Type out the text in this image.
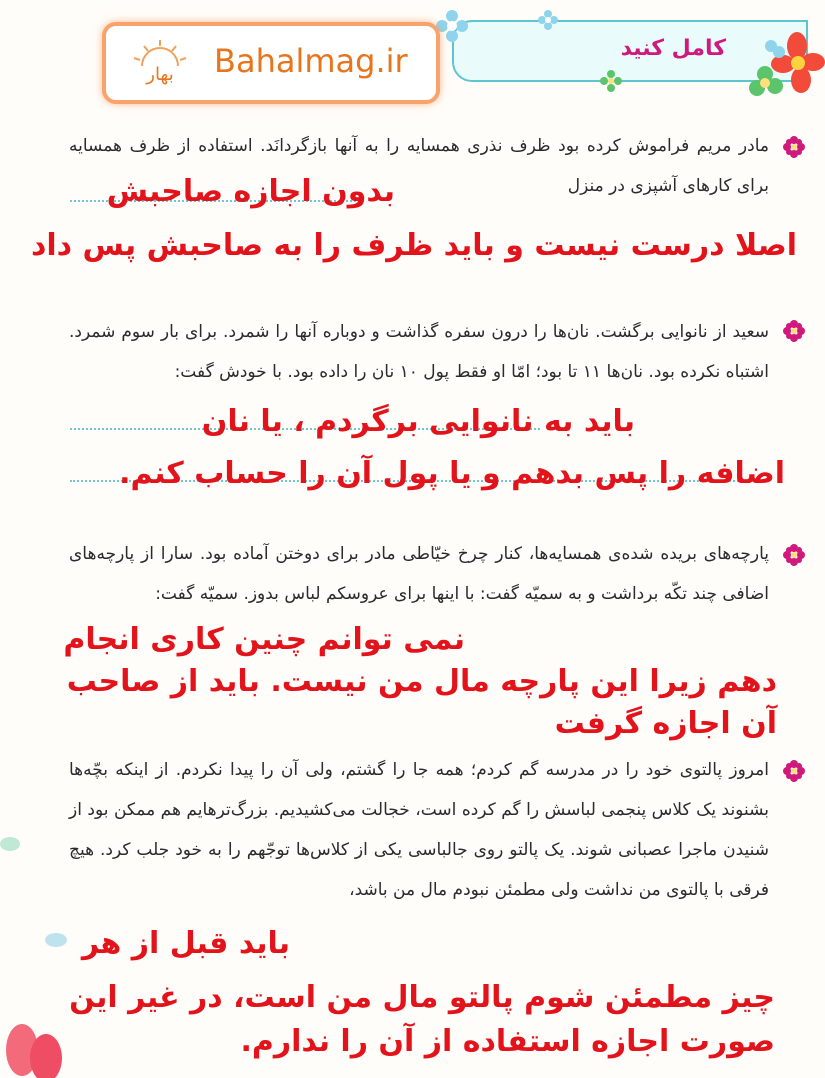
کامل کنید
بهار Bahalmag.ir
مادر مریم فراموش کرده بود ظرف نذری همسایه را به آنها بازگردانَد. استفاده از ظرف همسایه برای کارهای آشپزی در منزل
بدون اجازه صاحبش
اصلا درست نیست و باید ظرف را به صاحبش پس داد
سعید از نانوایی برگشت. نان‌ها را درون سفره گذاشت و دوباره آنها را شمرد. برای بار سوم شمرد. اشتباه نکرده بود. نان‌ها ۱۱ تا بود؛ امّا او فقط پول ۱۰ نان را داده بود. با خودش گفت:
باید به نانوایی برگردم ، یا نان
اضافه را پس بدهم و یا پول آن را حساب کنم.
پارچه‌های بریده شده‌ی همسایه‌ها، کنار چرخ خیّاطی مادر برای دوختن آماده بود. سارا از پارچه‌های اضافی چند تکّه برداشت و به سمیّه گفت: با اینها برای عروسکم لباس بدوز. سمیّه گفت:
نمی توانم چنین کاری انجام
دهم زیرا این پارچه مال من نیست. باید از صاحب
آن اجازه گرفت
امروز پالتوی خود را در مدرسه گم کردم؛ همه جا را گشتم، ولی آن را پیدا نکردم. از اینکه بچّه‌ها بشنوند یک کلاس پنجمی لباسش را گم کرده است، خجالت می‌کشیدیم. بزرگ‌ترهایم هم ممکن بود از شنیدن ماجرا عصبانی شوند. یک پالتو روی جالباسی یکی از کلاس‌ها توجّهم را به خود جلب کرد. هیچ فرقی با پالتوی من نداشت ولی مطمئن نبودم مال من باشد،
باید قبل از هر
چیز مطمئن شوم پالتو مال من است، در غیر این
صورت اجازه استفاده از آن را ندارم.
